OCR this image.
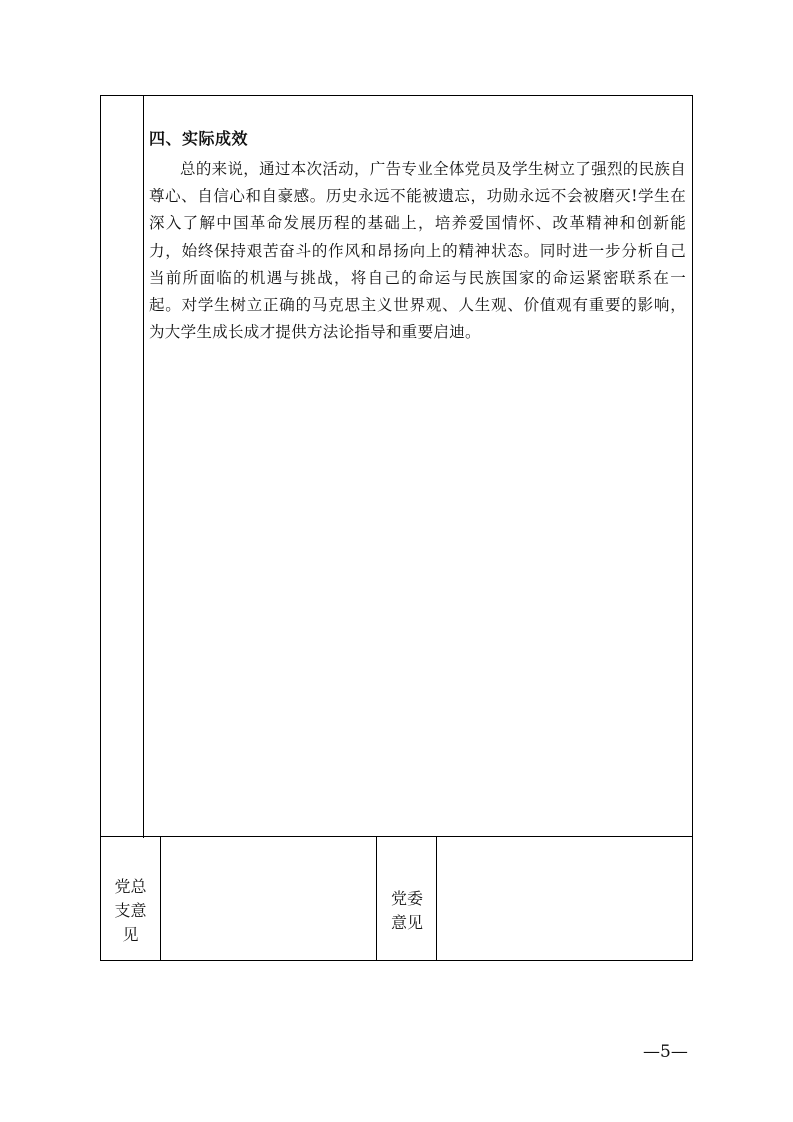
四、实际成效
总的来说，通过本次活动，广告专业全体党员及学生树立了强烈的民族自尊心、自信心和自豪感。历史永远不能被遗忘，功勋永远不会被磨灭!学生在深入了解中国革命发展历程的基础上，培养爱国情怀、改革精神和创新能力，始终保持艰苦奋斗的作风和昂扬向上的精神状态。同时进一步分析自己当前所面临的机遇与挑战，将自己的命运与民族国家的命运紧密联系在一起。对学生树立正确的马克思主义世界观、人生观、价值观有重要的影响，为大学生成长成才提供方法论指导和重要启迪。
党总
支意
见
党委
意见
—5—
